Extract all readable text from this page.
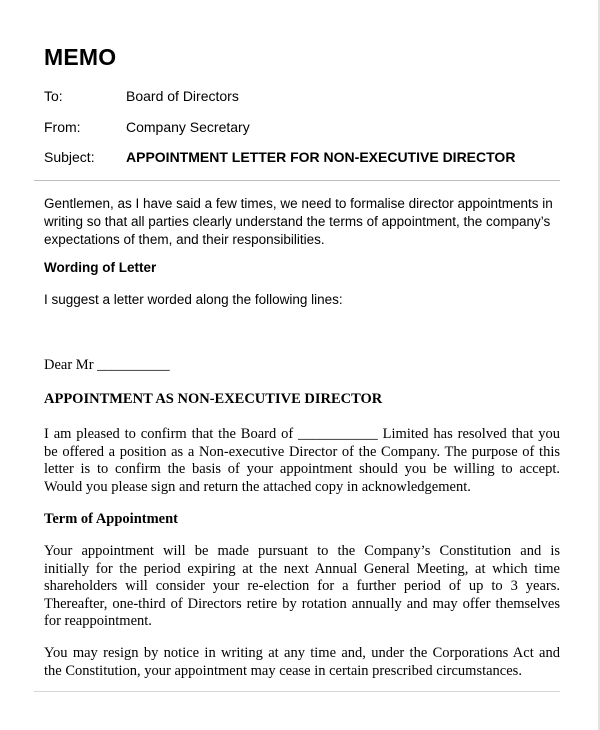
MEMO
To:	Board of Directors
From:	Company Secretary
Subject: APPOINTMENT LETTER FOR NON-EXECUTIVE DIRECTOR
Gentlemen, as I have said a few times, we need to formalise director appointments in
writing so that all parties clearly understand the terms of appointment, the company’s
expectations of them, and their responsibilities.
Wording of Letter
I suggest a letter worded along the following lines:
Dear Mr __________
APPOINTMENT AS NON-EXECUTIVE DIRECTOR
I am pleased to confirm that the Board of ___________ Limited has resolved that you
be offered a position as a Non-executive Director of the Company. The purpose of this
letter is to confirm the basis of your appointment should you be willing to accept.
Would you please sign and return the attached copy in acknowledgement.
Term of Appointment
Your appointment will be made pursuant to the Company’s Constitution and is
initially for the period expiring at the next Annual General Meeting, at which time
shareholders will consider your re-election for a further period of up to 3 years.
Thereafter, one-third of Directors retire by rotation annually and may offer themselves
for reappointment.
You may resign by notice in writing at any time and, under the Corporations Act and
the Constitution, your appointment may cease in certain prescribed circumstances.
